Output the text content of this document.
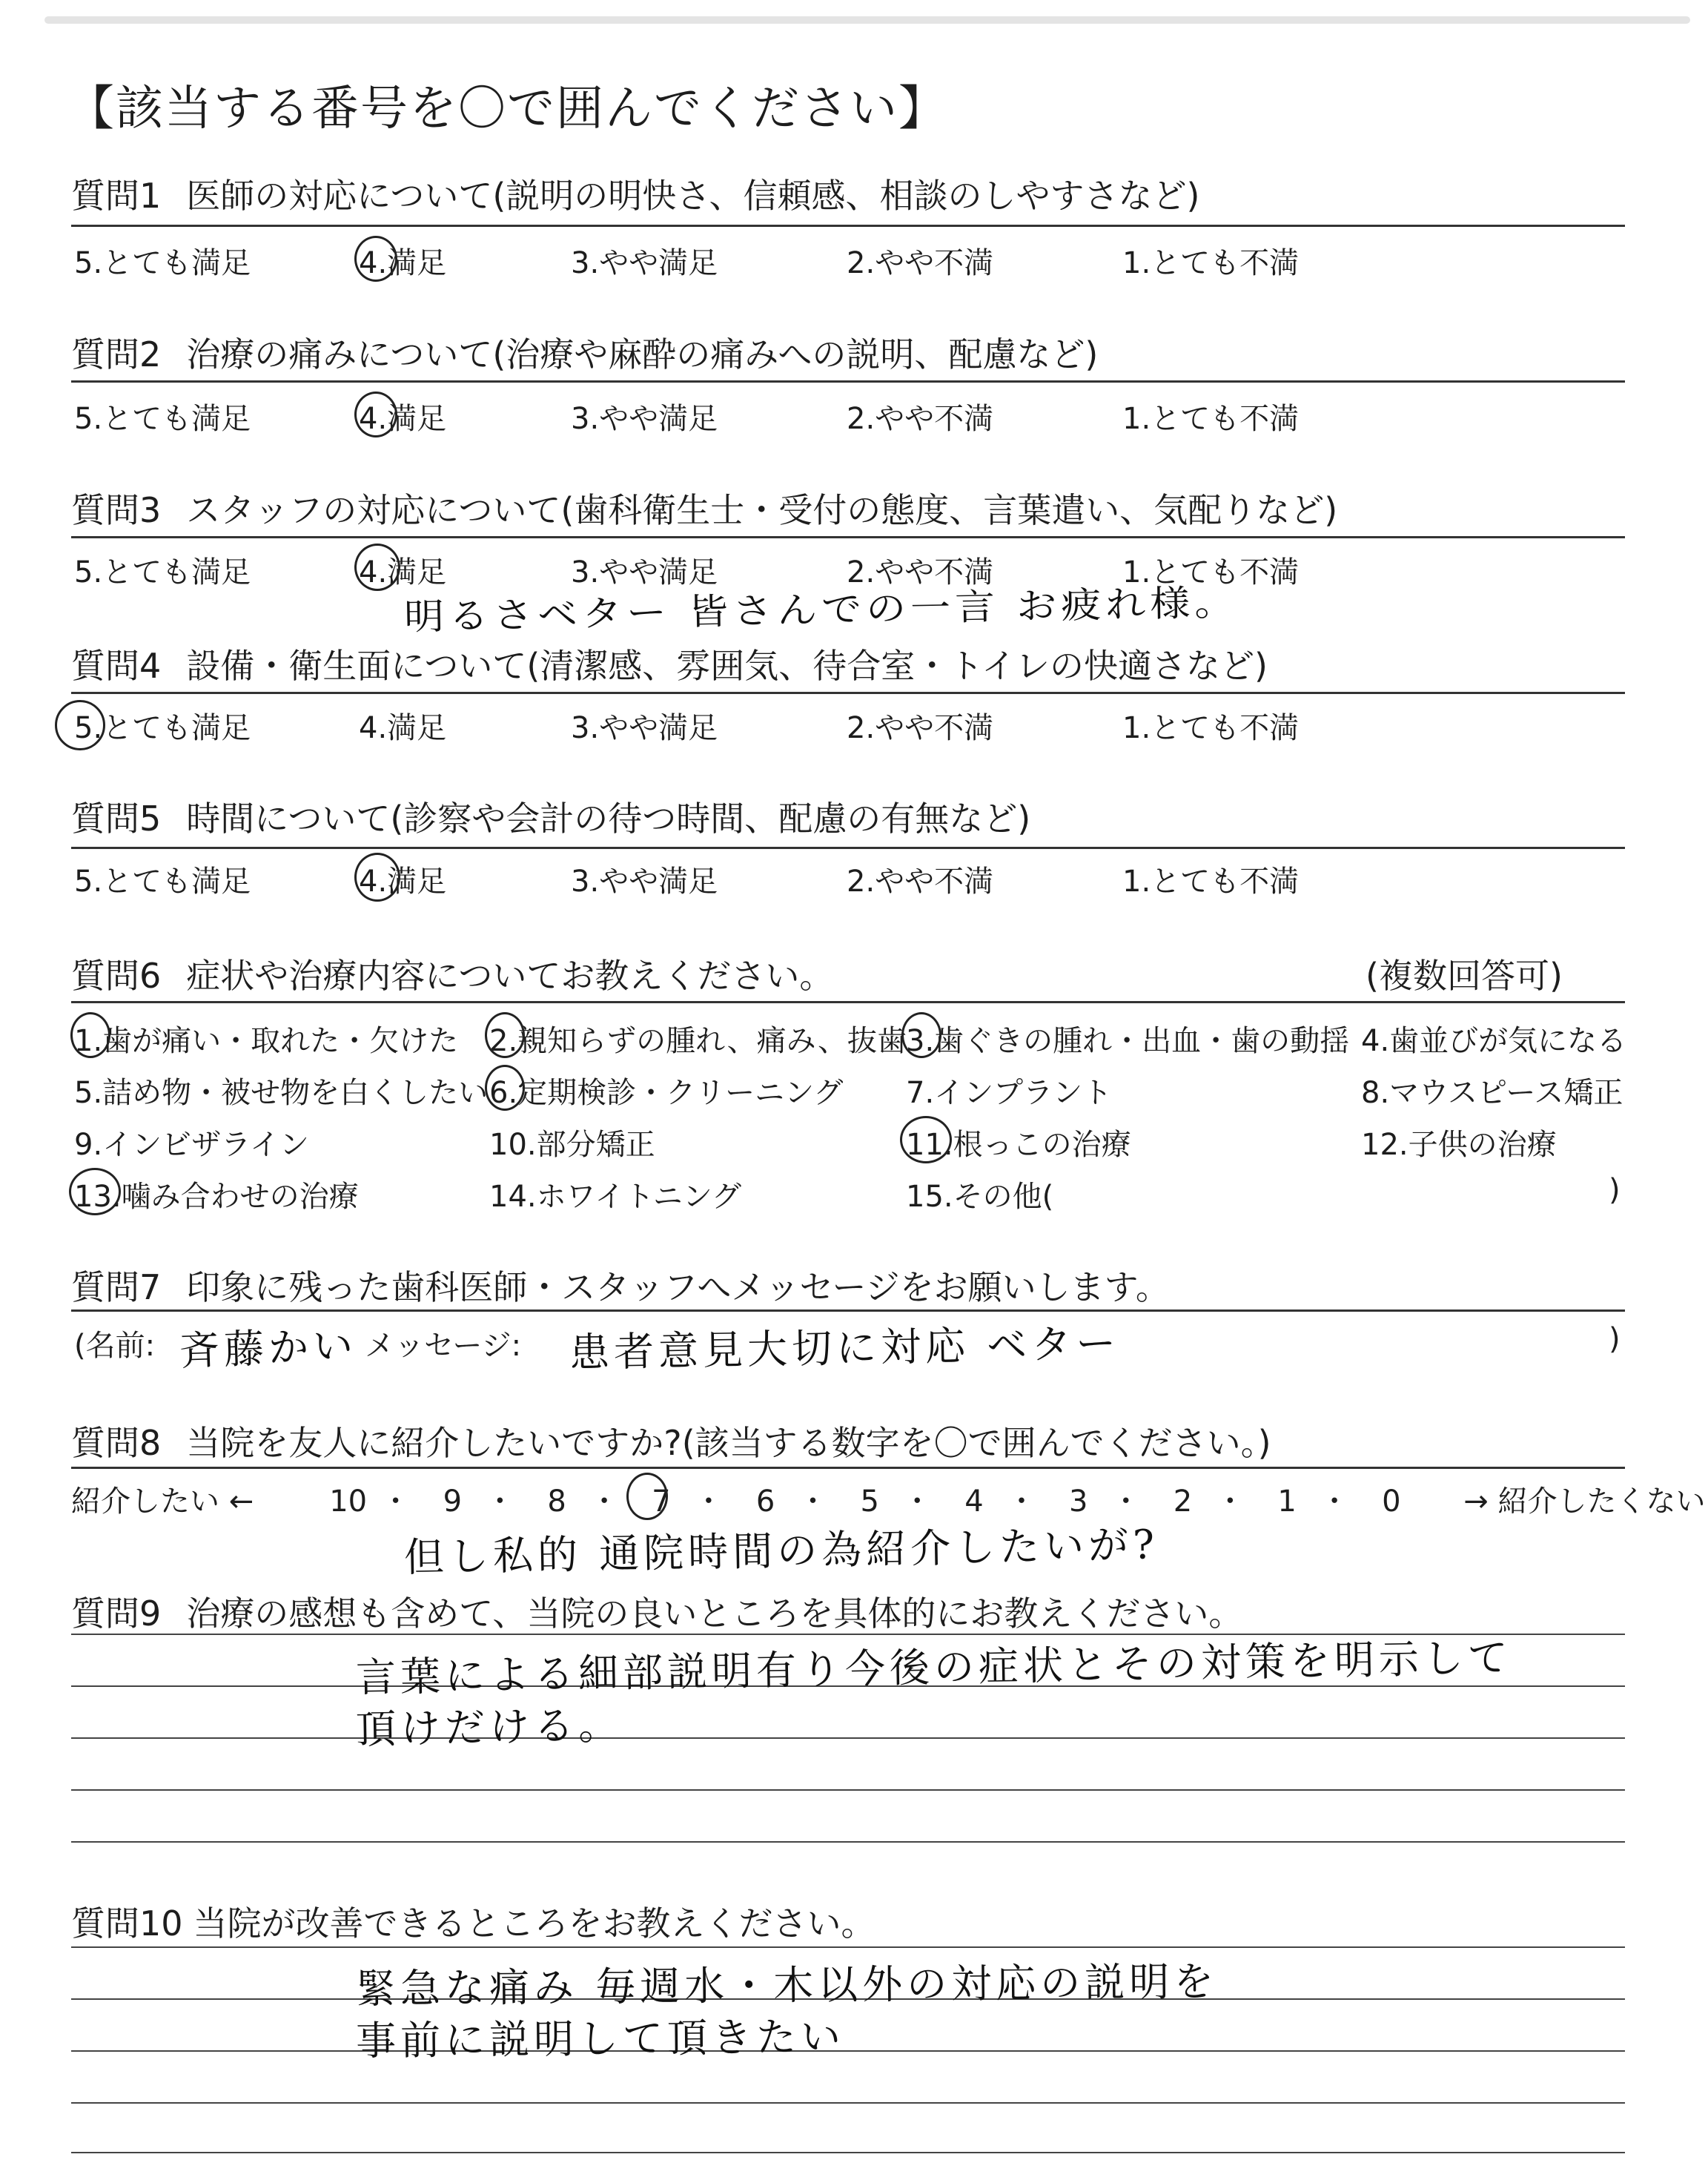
【該当する番号を〇で囲んでください】
質問1 医師の対応について(説明の明快さ、信頼感、相談のしやすさなど)
5.とても満足	4.満足	3.やや満足	2.やや不満	1.とても不満
質問2 治療の痛みについて(治療や麻酔の痛みへの説明、配慮など)
5.とても満足	4.満足	3.やや満足	2.やや不満	1.とても不満
質問3 スタッフの対応について(歯科衛生士・受付の態度、言葉遣い、気配りなど)
5.とても満足	4.満足	3.やや満足	2.やや不満	1.とても不満
明るさベター 皆さんでの一言 お疲れ様。
質問4 設備・衛生面について(清潔感、雰囲気、待合室・トイレの快適さなど)
5.とても満足	4.満足	3.やや満足	2.やや不満	1.とても不満
質問5 時間について(診察や会計の待つ時間、配慮の有無など)
5.とても満足	4.満足	3.やや満足	2.やや不満	1.とても不満
質問6 症状や治療内容についてお教えください。	(複数回答可)
1.歯が痛い・取れた・欠けた 2.親知らずの腫れ、痛み、抜歯 3.歯ぐきの腫れ・出血・歯の動揺 4.歯並びが気になる
5.詰め物・被せ物を白くしたい 6.定期検診・クリーニング 7.インプラント	8.マウスピース矯正
9.インビザライン	10.部分矯正	11.根っこの治療	12.子供の治療
13.噛み合わせの治療	14.ホワイトニング	15.その他(	)
質問7 印象に残った歯科医師・スタッフへメッセージをお願いします。
(名前: 斉藤かい メッセージ: 患者意見大切に対応 ベター	)
質問8 当院を友人に紹介したいですか?(該当する数字を〇で囲んでください。)
紹介したい ←	10 ・ 9 ・ 8 ・ 7 ・ 6 ・ 5 ・ 4 ・ 3 ・ 2 ・ 1 ・ 0 → 紹介したくない
但し私的 通院時間の為紹介したいが?
質問9 治療の感想も含めて、当院の良いところを具体的にお教えください。
言葉による細部説明有り今後の症状とその対策を明示して
頂けだける。
質問10 当院が改善できるところをお教えください。
緊急な痛み 毎週水・木以外の対応の説明を
事前に説明して頂きたい
